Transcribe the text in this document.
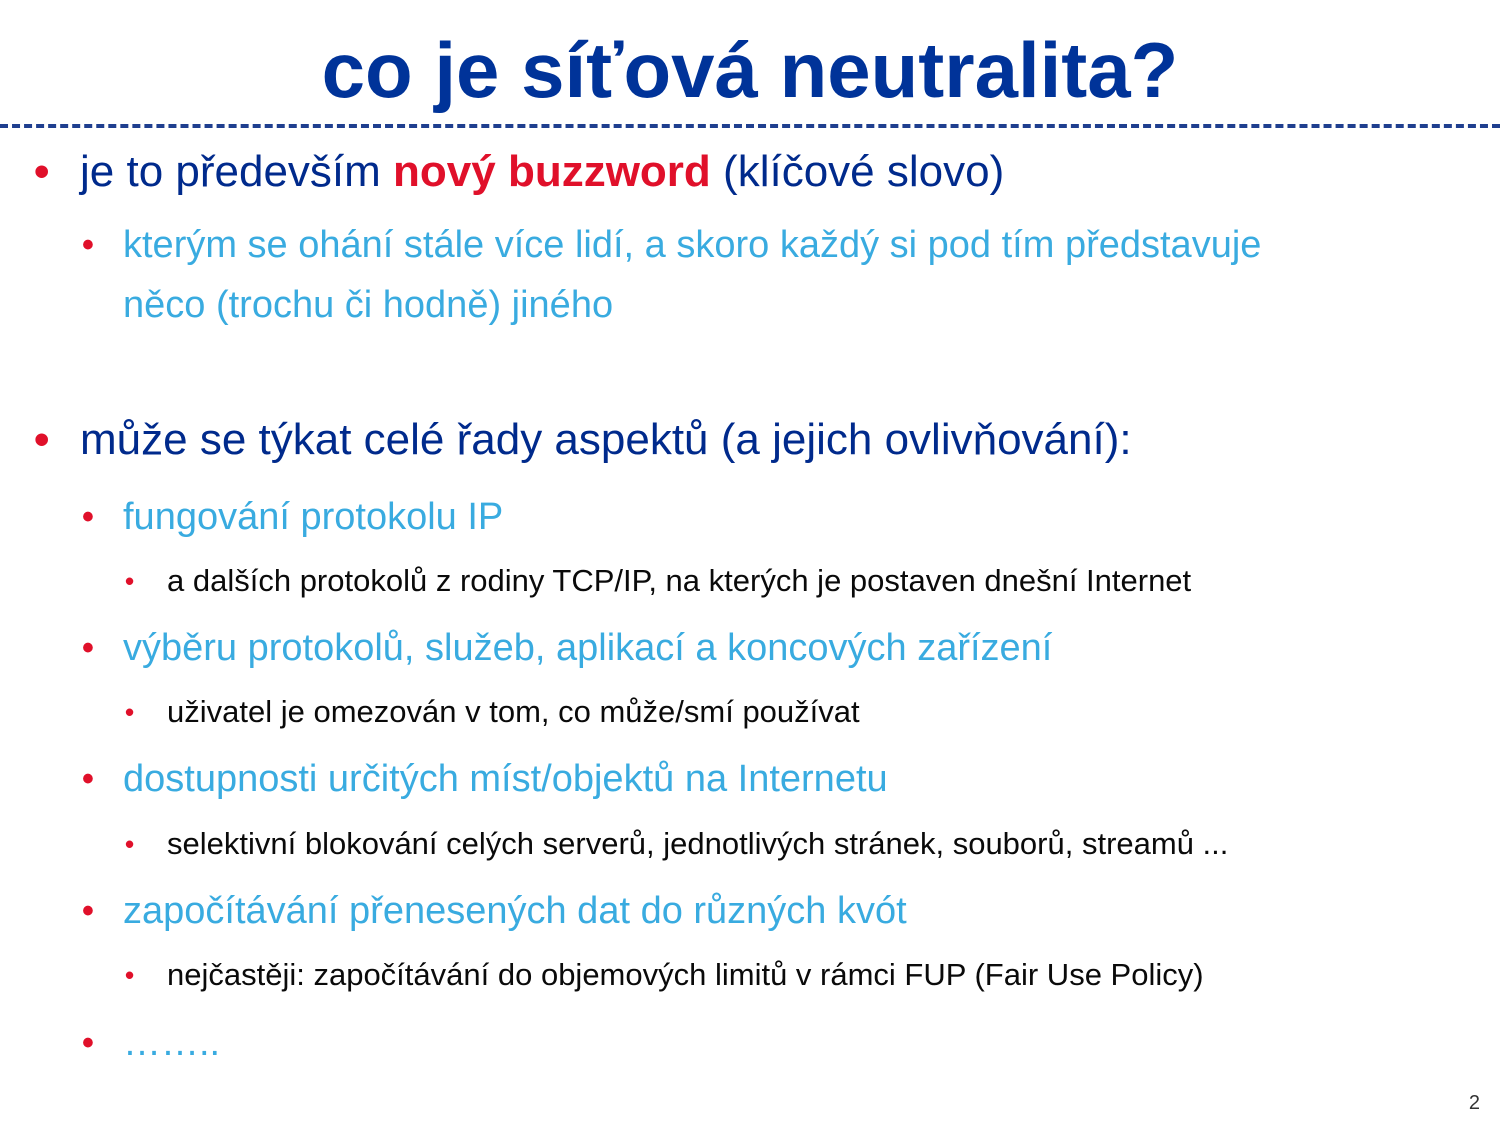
co je síťová neutralita?
• je to především nový buzzword (klíčové slovo)
• kterým se ohání stále více lidí, a skoro každý si pod tím představuje
něco (trochu či hodně) jiného
• může se týkat celé řady aspektů (a jejich ovlivňování):
• fungování protokolu IP
• a dalších protokolů z rodiny TCP/IP, na kterých je postaven dnešní Internet
• výběru protokolů, služeb, aplikací a koncových zařízení
• uživatel je omezován v tom, co může/smí používat
• dostupnosti určitých míst/objektů na Internetu
• selektivní blokování celých serverů, jednotlivých stránek, souborů, streamů ...
• započítávání přenesených dat do různých kvót
• nejčastěji: započítávání do objemových limitů v rámci FUP (Fair Use Policy)
• ……..
2
